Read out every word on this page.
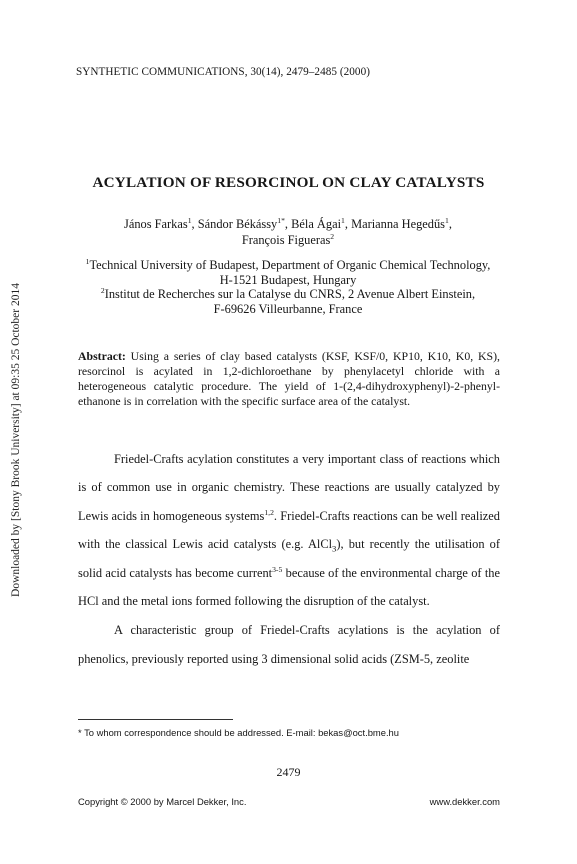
SYNTHETIC COMMUNICATIONS, 30(14), 2479–2485 (2000)
Downloaded by [Stony Brook University] at 09:35 25 October 2014
ACYLATION OF RESORCINOL ON CLAY CATALYSTS
János Farkas$^1$, Sándor Békássy$^{1*}$, Béla Ágai$^1$, Marianna Hegedűs$^1$,
François Figueras$^2$
$^1$Technical University of Budapest, Department of Organic Chemical Technology,
H-1521 Budapest, Hungary
$^2$Institut de Recherches sur la Catalyse du CNRS, 2 Avenue Albert Einstein,
F-69626 Villeurbanne, France
Abstract: Using a series of clay based catalysts (KSF, KSF/0, KP10, K10, K0, KS), resorcinol is acylated in 1,2-dichloroethane by phenylacetyl chloride with a heterogeneous catalytic procedure. The yield of 1-(2,4-dihydroxyphenyl)-2-phenyl-ethanone is in correlation with the specific surface area of the catalyst.

Friedel-Crafts acylation constitutes a very important class of reactions which is of common use in organic chemistry. These reactions are usually catalyzed by Lewis acids in homogeneous systems$^{1,2}$. Friedel-Crafts reactions can be well realized with the classical Lewis acid catalysts (e.g. AlCl$_3$), but recently the utilisation of solid acid catalysts has become current$^{3-5}$ because of the environmental charge of the HCl and the metal ions formed following the disruption of the catalyst.

A characteristic group of Friedel-Crafts acylations is the acylation of phenolics, previously reported using 3 dimensional solid acids (ZSM-5, zeolite

* To whom correspondence should be addressed. E-mail: bekas@oct.bme.hu
2479
Copyright © 2000 by Marcel Dekker, Inc.	www.dekker.com
